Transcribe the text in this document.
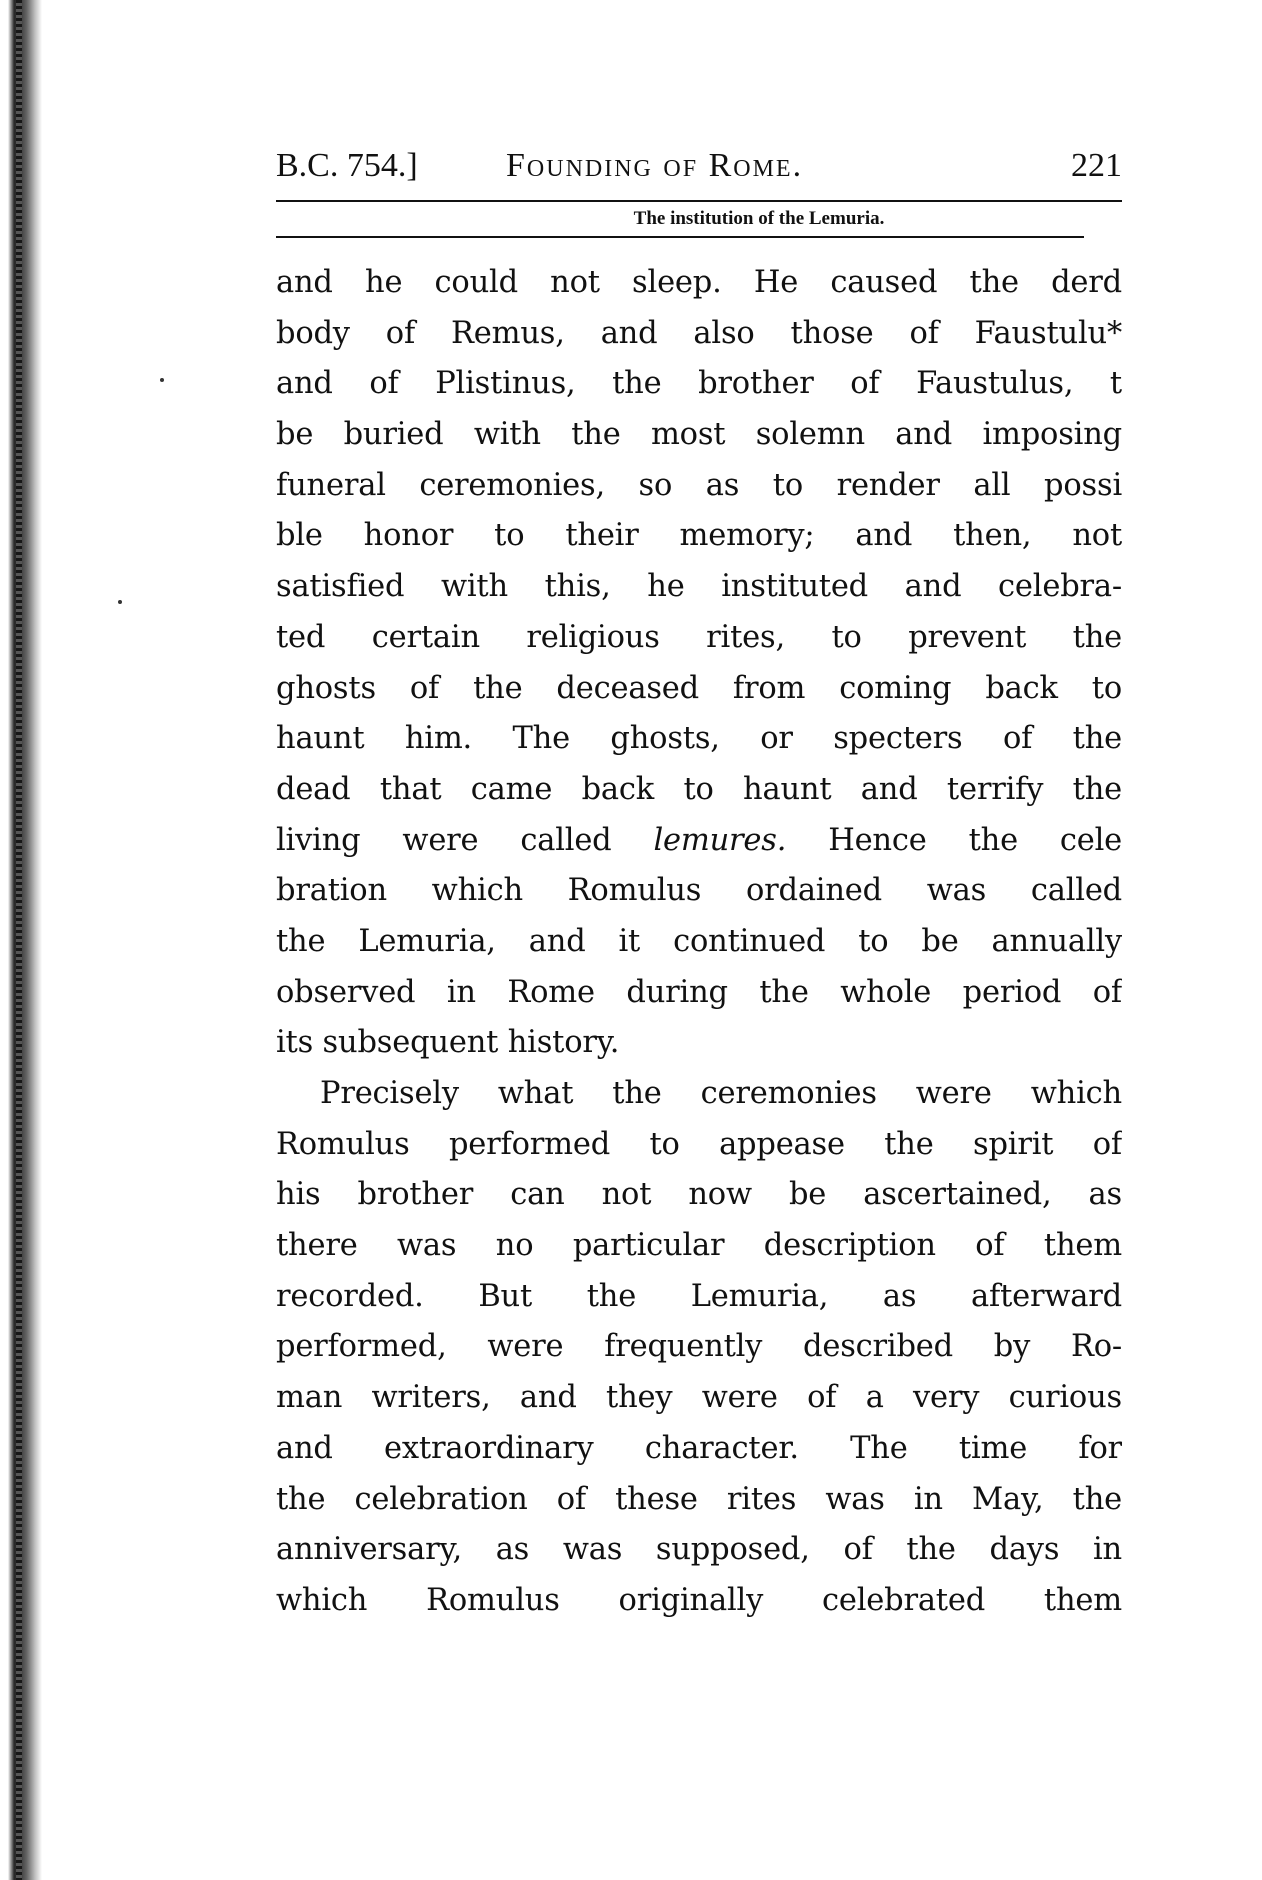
B.C. 754.]	Founding of Rome.	221
The institution of the Lemuria.
and he could not sleep. He caused the derd
body of Remus, and also those of Faustulu*
and of Plistinus, the brother of Faustulus, t
be buried with the most solemn and imposing
funeral ceremonies, so as to render all possi
ble honor to their memory; and then, not
satisfied with this, he instituted and celebra-
ted certain religious rites, to prevent the
ghosts of the deceased from coming back to
haunt him. The ghosts, or specters of the
dead that came back to haunt and terrify the
living were called lemures. Hence the cele
bration which Romulus ordained was called
the Lemuria, and it continued to be annually
observed in Rome during the whole period of
its subsequent history.
Precisely what the ceremonies were which
Romulus performed to appease the spirit of
his brother can not now be ascertained, as
there was no particular description of them
recorded. But the Lemuria, as afterward
performed, were frequently described by Ro-
man writers, and they were of a very curious
and extraordinary character. The time for
the celebration of these rites was in May, the
anniversary, as was supposed, of the days in
which Romulus originally celebrated them
